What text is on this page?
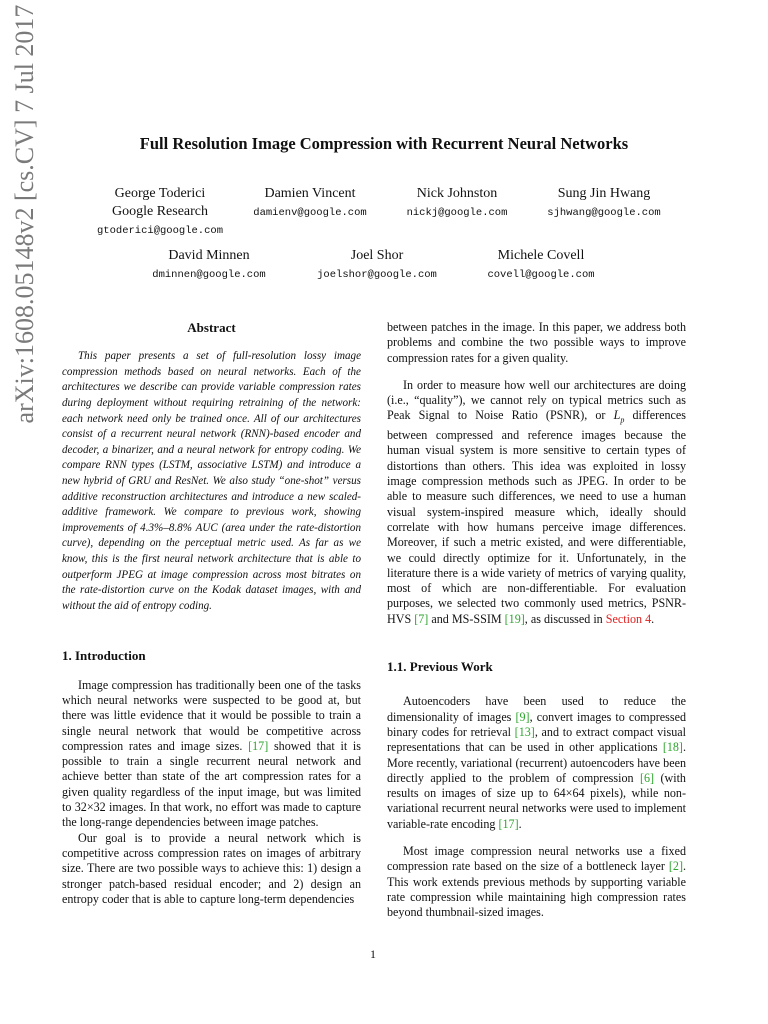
arXiv:1608.05148v2 [cs.CV] 7 Jul 2017	Full Resolution Image Compression with Recurrent Neural Networks
George Toderici
Google Research
gtoderici@google.com
Damien Vincent
damienv@google.com
Nick Johnston
nickj@google.com
Sung Jin Hwang
sjhwang@google.com
David Minnen
dminnen@google.com
Joel Shor
joelshor@google.com
Michele Covell
covell@google.com
Abstract

This paper presents a set of full-resolution lossy image compression methods based on neural networks. Each of the architectures we describe can provide variable compression rates during deployment without requiring retraining of the network: each network need only be trained once. All of our architectures consist of a recurrent neural network (RNN)-based encoder and decoder, a binarizer, and a neural network for entropy coding. We compare RNN types (LSTM, associative LSTM) and introduce a new hybrid of GRU and ResNet. We also study “one-shot” versus additive reconstruction architectures and introduce a new scaled-additive framework. We compare to previous work, showing improvements of 4.3%–8.8% AUC (area under the rate-distortion curve), depending on the perceptual metric used. As far as we know, this is the first neural network architecture that is able to outperform JPEG at image compression across most bitrates on the rate-distortion curve on the Kodak dataset images, with and without the aid of entropy coding.

1. Introduction

Image compression has traditionally been one of the tasks which neural networks were suspected to be good at, but there was little evidence that it would be possible to train a single neural network that would be competitive across compression rates and image sizes. [17] showed that it is possible to train a single recurrent neural network and achieve better than state of the art compression rates for a given quality regardless of the input image, but was limited to 32×32 images. In that work, no effort was made to capture the long-range dependencies between image patches.

Our goal is to provide a neural network which is competitive across compression rates on images of arbitrary size. There are two possible ways to achieve this: 1) design a stronger patch-based residual encoder; and 2) design an entropy coder that is able to capture long-term dependencies

between patches in the image. In this paper, we address both problems and combine the two possible ways to improve compression rates for a given quality.

In order to measure how well our architectures are doing (i.e., “quality”), we cannot rely on typical metrics such as Peak Signal to Noise Ratio (PSNR), or $L_p$ differences between compressed and reference images because the human visual system is more sensitive to certain types of distortions than others. This idea was exploited in lossy image compression methods such as JPEG. In order to be able to measure such differences, we need to use a human visual system-inspired measure which, ideally should correlate with how humans perceive image differences. Moreover, if such a metric existed, and were differentiable, we could directly optimize for it. Unfortunately, in the literature there is a wide variety of metrics of varying quality, most of which are non-differentiable. For evaluation purposes, we selected two commonly used metrics, PSNR-HVS [7] and MS-SSIM [19], as discussed in Section 4.

1.1. Previous Work

Autoencoders have been used to reduce the dimensionality of images [9], convert images to compressed binary codes for retrieval [13], and to extract compact visual representations that can be used in other applications [18]. More recently, variational (recurrent) autoencoders have been directly applied to the problem of compression [6] (with results on images of size up to 64×64 pixels), while non-variational recurrent neural networks were used to implement variable-rate encoding [17].

Most image compression neural networks use a fixed compression rate based on the size of a bottleneck layer [2]. This work extends previous methods by supporting variable rate compression while maintaining high compression rates beyond thumbnail-sized images.

1
